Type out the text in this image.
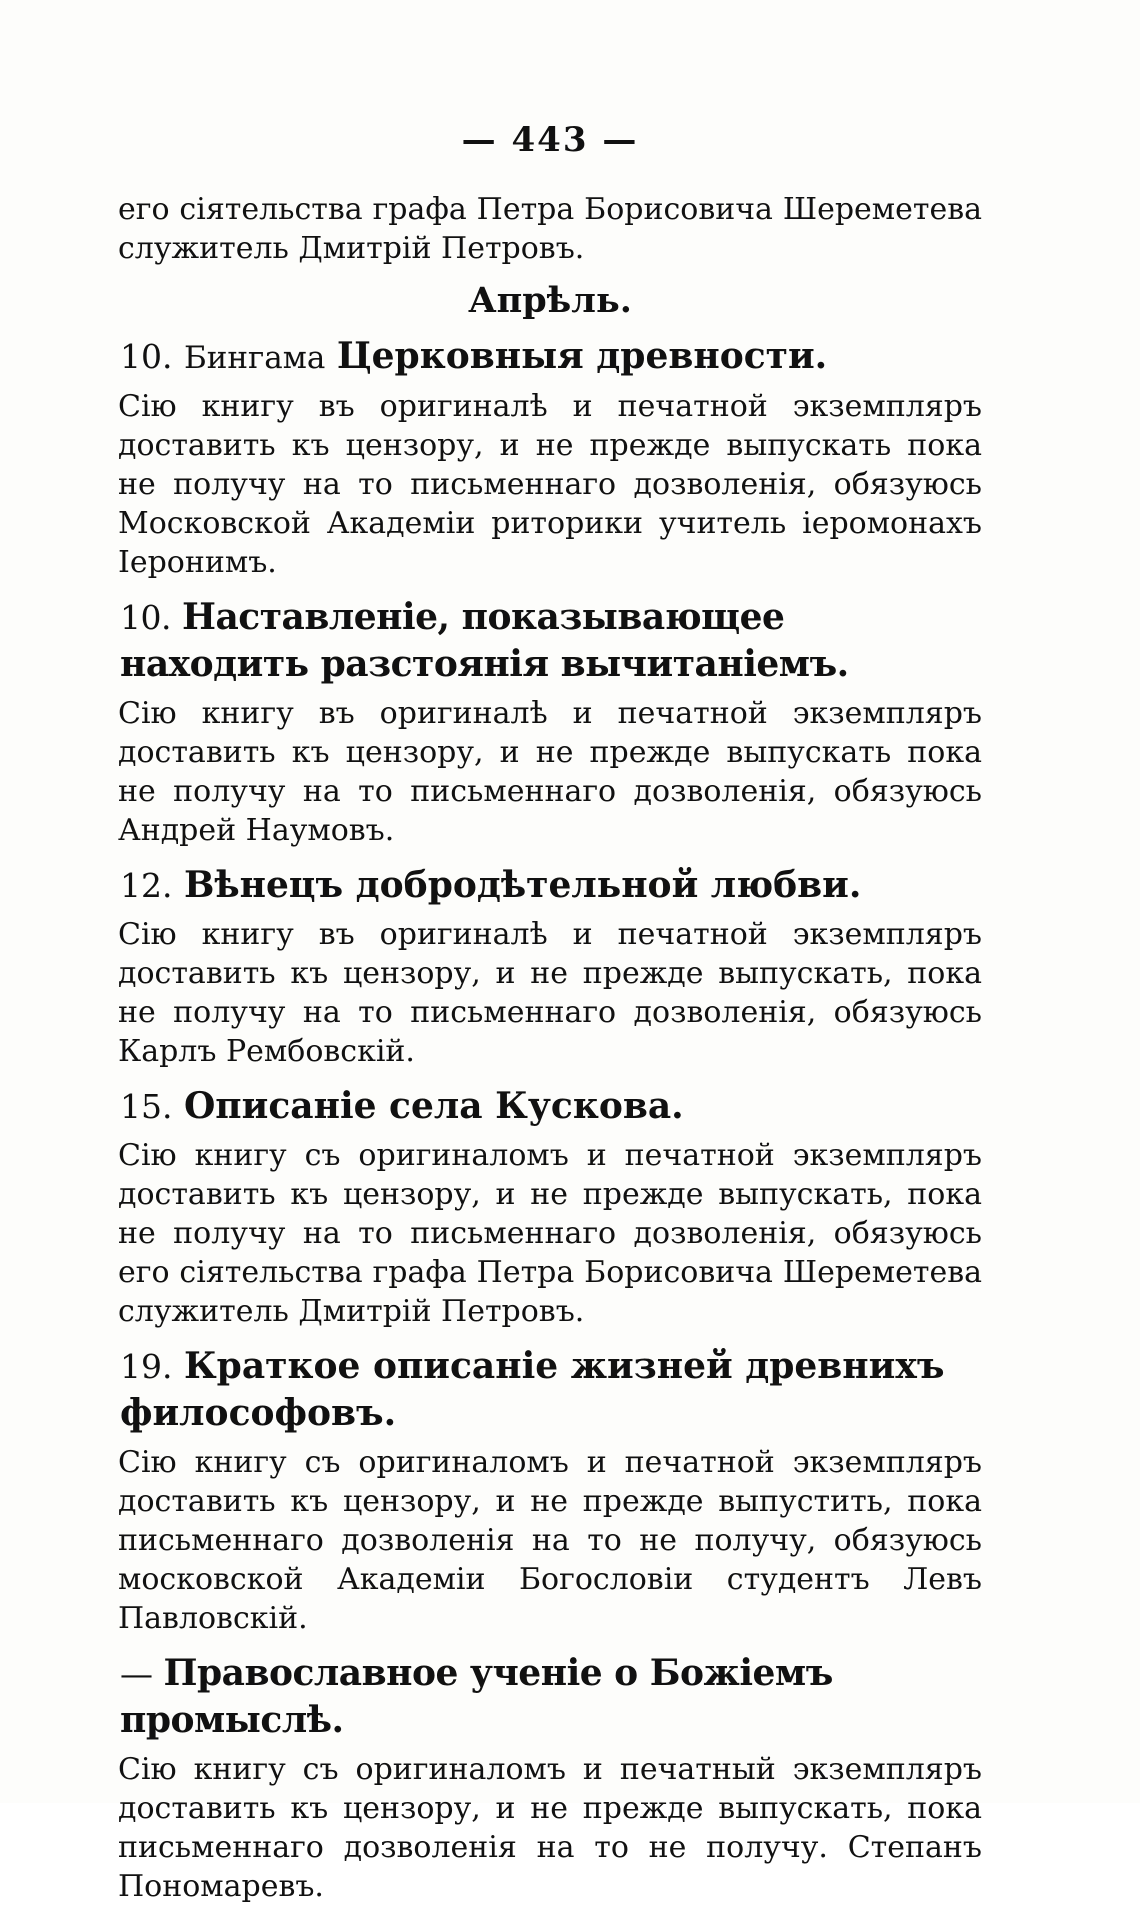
— 443 —

его сіятельства графа Петра Борисовича Шереметева служитель Дмитрій Петровъ.

Апрѣль.
10. Бингама Церковныя древности.

Сію книгу въ оригиналѣ и печатной экземпляръ доставить къ цензору, и не прежде выпускать пока не получу на то письменнаго дозволенія, обязуюсь Московской Академіи риторики учитель іеромонахъ Іеронимъ.

10. Наставленіе, показывающее находить разстоянія вычитаніемъ.

Сію книгу въ оригиналѣ и печатной экземпляръ доставить къ цензору, и не прежде выпускать пока не получу на то письменнаго дозволенія, обязуюсь Андрей Наумовъ.

12. Вѣнецъ добродѣтельной любви.

Сію книгу въ оригиналѣ и печатной экземпляръ доставить къ цензору, и не прежде выпускать, пока не получу на то письменнаго дозволенія, обязуюсь Карлъ Рембовскій.

15. Описаніе села Кускова.

Сію книгу съ оригиналомъ и печатной экземпляръ доставить къ цензору, и не прежде выпускать, пока не получу на то письменнаго дозволенія, обязуюсь его сіятельства графа Петра Борисовича Шереметева служитель Дмитрій Петровъ.

19. Краткое описаніе жизней древнихъ философовъ.

Сію книгу съ оригиналомъ и печатной экземпляръ доставить къ цензору, и не прежде выпустить, пока письменнаго дозволенія на то не получу, обязуюсь московской Академіи Богословіи студентъ Левъ Павловскій.

— Православное ученіе о Божіемъ промыслѣ.

Сію книгу съ оригиналомъ и печатный экземпляръ доставить къ цензору, и не прежде выпускать, пока письменнаго дозволенія на то не получу. Степанъ Пономаревъ.
